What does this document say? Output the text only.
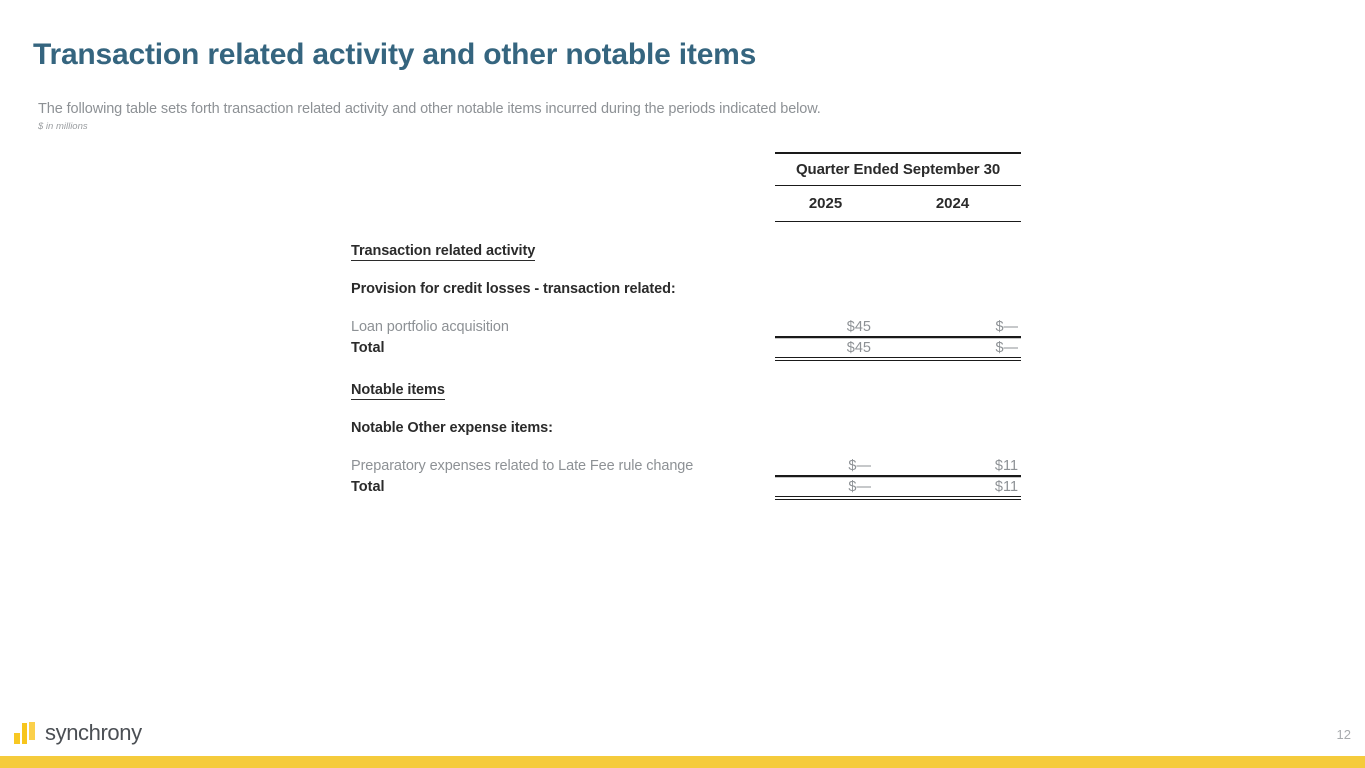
Transaction related activity and other notable items
The following table sets forth transaction related activity and other notable items incurred during the periods indicated below.
$ in millions
	Quarter Ended September 30	
	2025	2024
Transaction related activity		
Provision for credit losses - transaction related:		
Loan portfolio acquisition	$45	$—
Total	$45	$—

Notable items		
Notable Other expense items:		
Preparatory expenses related to Late Fee rule change	$—	$11
Total	$—	$11

synchrony	12
